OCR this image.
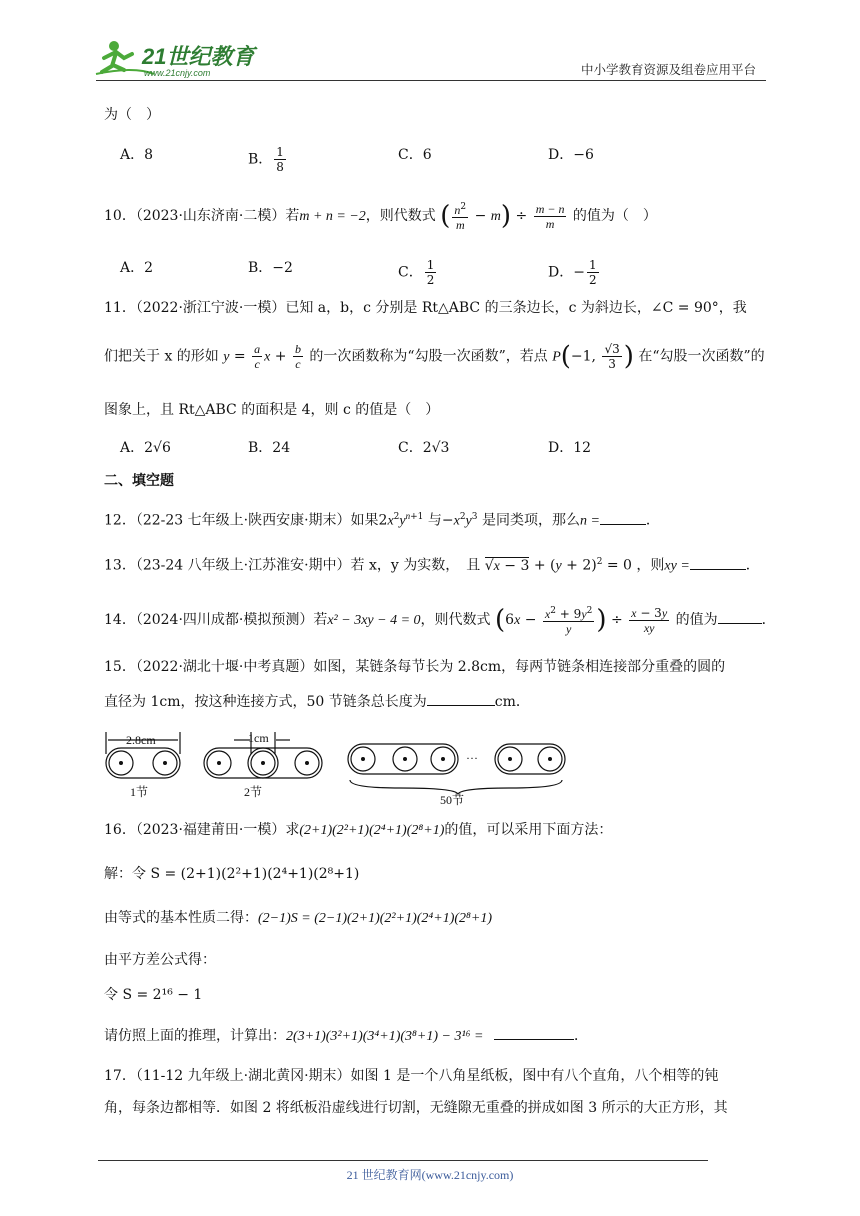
21世纪教育
www.21cnjy.com	中小学教育资源及组卷应用平台
为（　）
A．8	B． $\frac{1}{8}$	C．6	D．−6
10．（2023·山东济南·二模）若m + n = −2，则代数式 ( $\frac{n^2}{m} - m) \div \frac{m - n}{m}$ 的值为（　）
A．2	B．−2	C． $\frac{1}{2}$	D．− $\frac{1}{2}$
11．（2022·浙江宁波·一模）已知 a，b，c 分别是 Rt△ABC 的三条边长，c 为斜边长，∠C = 90°，我
们把关于 x 的形如 $y = \frac{a}{c}$ $x + \frac{b}{c}$ 的一次函数称为“勾股一次函数”，若点 P(−1, $\frac{√3}{3}$ ) 在“勾股一次函数”的
图象上，且 Rt△ABC 的面积是 4，则 c 的值是（　）
A．2√6	B．24	C．2√3	D．12
二、填空题
12．（22-23 七年级上·陕西安康·期末）如果$2x^2y^{n+1}$ 与$-x^2y^3$ 是同类项，那么n =	．
13．（23-24 八年级上·江苏淮安·期中）若 x，y 为实数，　且 $√x - 3 + (y + 2)^2 = 0$ ，则xy =	．
14．（2024·四川成都·模拟预测）若x² − 3xy − 4 = 0，则代数式 ($6x - \frac{x^2 + 9y^2}{y}$ ) ÷ $\frac{x - 3y}{xy}$ 的值为	．
15．（2022·湖北十堰·中考真题）如图，某链条每节长为 2.8cm，每两节链条相连接部分重叠的圆的
直径为 1cm，按这种连接方式，50 节链条总长度为	cm．
2.8cm	1cm
1节	2节
···
50节
16．（2023·福建莆田·一模）求(2+1)(2²+1)(2⁴+1)(2⁸+1)的值，可以采用下面方法：
解：令 S = (2+1)(2²+1)(2⁴+1)(2⁸+1)
由等式的基本性质二得：(2−1)S = (2−1)(2+1)(2²+1)(2⁴+1)(2⁸+1)
由平方差公式得：
令 S = 2¹⁶ − 1
请仿照上面的推理，计算出：2(3+1)(3²+1)(3⁴+1)(3⁸+1) − 3¹⁶ =	．
17．（11-12 九年级上·湖北黄冈·期末）如图 1 是一个八角星纸板，图中有八个直角，八个相等的钝
角，每条边都相等．如图 2 将纸板沿虚线进行切割，无缝隙无重叠的拼成如图 3 所示的大正方形，其
21 世纪教育网(www.21cnjy.com)
